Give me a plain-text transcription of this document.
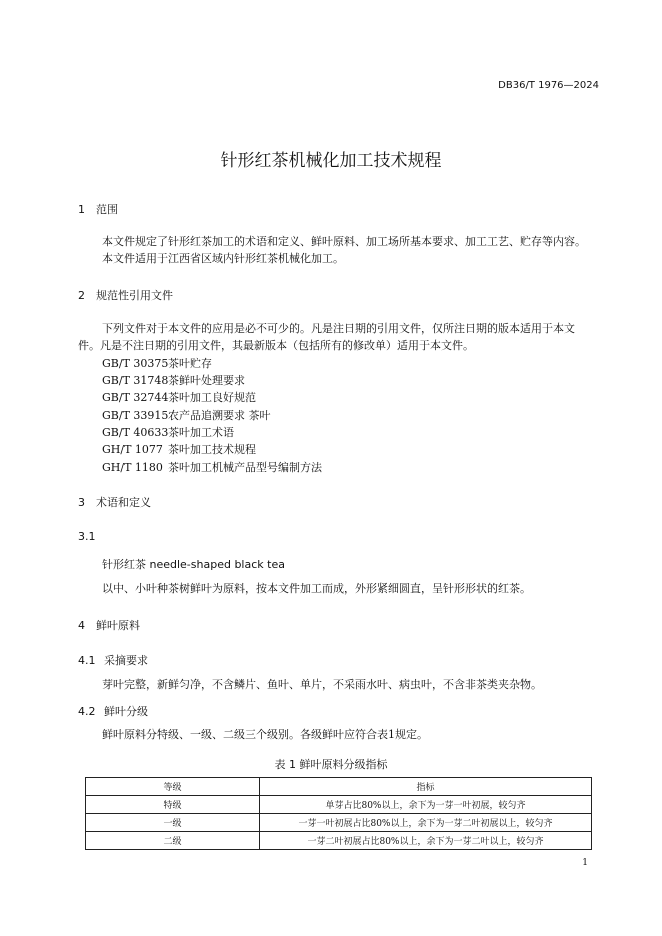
DB36/T 1976—2024
针形红茶机械化加工技术规程
1 范围
本文件规定了针形红茶加工的术语和定义、鲜叶原料、加工场所基本要求、加工工艺、贮存等内容。
本文件适用于江西省区域内针形红茶机械化加工。
2 规范性引用文件
下列文件对于本文件的应用是必不可少的。凡是注日期的引用文件，仅所注日期的版本适用于本文
件。凡是不注日期的引用文件，其最新版本（包括所有的修改单）适用于本文件。
GB/T 30375茶叶贮存
GB/T 31748茶鲜叶处理要求
GB/T 32744茶叶加工良好规范
GB/T 33915农产品追溯要求 茶叶
GB/T 40633茶叶加工术语
GH/T 1077 茶叶加工技术规程
GH/T 1180 茶叶加工机械产品型号编制方法
3 术语和定义
3.1
针形红茶 needle-shaped black tea
以中、小叶种茶树鲜叶为原料，按本文件加工而成，外形紧细圆直，呈针形形状的红茶。
4 鲜叶原料
4.1 采摘要求
芽叶完整，新鲜匀净，不含鳞片、鱼叶、单片，不采雨水叶、病虫叶，不含非茶类夹杂物。
4.2 鲜叶分级
鲜叶原料分特级、一级、二级三个级别。各级鲜叶应符合表1规定。
表 1 鲜叶原料分级指标
等级	指标
特级	单芽占比80%以上，余下为一芽一叶初展，较匀齐
一级	一芽一叶初展占比80%以上，余下为一芽二叶初展以上，较匀齐
二级	一芽二叶初展占比80%以上，余下为一芽二叶以上，较匀齐
1
